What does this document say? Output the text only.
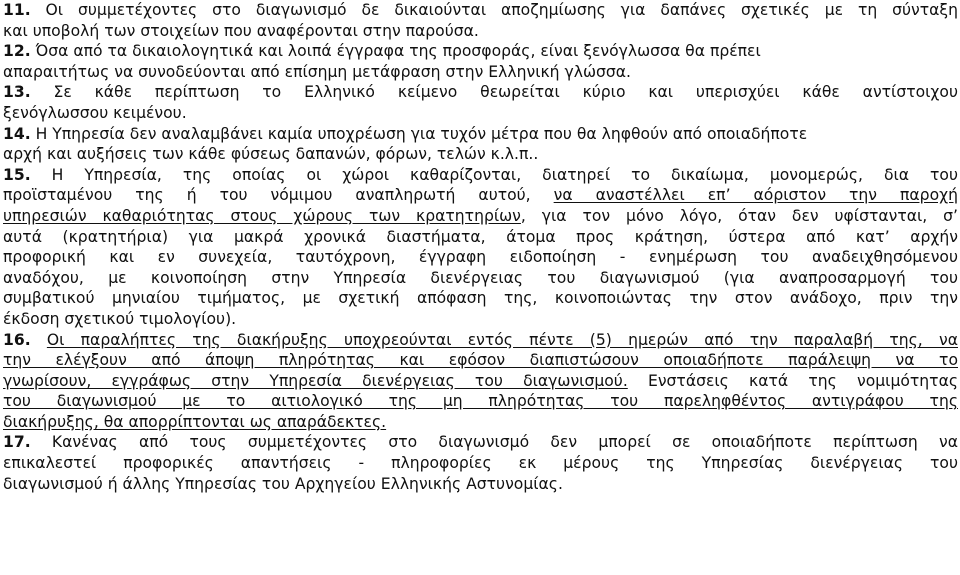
11. Οι συμμετέχοντες στο διαγωνισμό δε δικαιούνται αποζημίωσης για δαπάνες σχετικές με τη σύνταξη
και υποβολή των στοιχείων που αναφέρονται στην παρούσα.
12. Όσα από τα δικαιολογητικά και λοιπά έγγραφα της προσφοράς, είναι ξενόγλωσσα θα πρέπει
απαραιτήτως να συνοδεύονται από επίσημη μετάφραση στην Ελληνική γλώσσα.
13. Σε κάθε περίπτωση το Ελληνικό κείμενο θεωρείται κύριο και υπερισχύει κάθε αντίστοιχου
ξενόγλωσσου κειμένου.
14. Η Υπηρεσία δεν αναλαμβάνει καμία υποχρέωση για τυχόν μέτρα που θα ληφθούν από οποιαδήποτε
αρχή και αυξήσεις των κάθε φύσεως δαπανών, φόρων, τελών κ.λ.π..
15. Η Υπηρεσία, της οποίας οι χώροι καθαρίζονται, διατηρεί το δικαίωμα, μονομερώς, δια του
προϊσταμένου της ή του νόμιμου αναπληρωτή αυτού, να αναστέλλει επ’ αόριστον την παροχή
υπηρεσιών καθαριότητας στους χώρους των κρατητηρίων, για τον μόνο λόγο, όταν δεν υφίστανται, σ’
αυτά (κρατητήρια) για μακρά χρονικά διαστήματα, άτομα προς κράτηση, ύστερα από κατ’ αρχήν
προφορική και εν συνεχεία, ταυτόχρονη, έγγραφη ειδοποίηση - ενημέρωση του αναδειχθησόμενου
αναδόχου, με κοινοποίηση στην Υπηρεσία διενέργειας του διαγωνισμού (για αναπροσαρμογή του
συμβατικού μηνιαίου τιμήματος, με σχετική απόφαση της, κοινοποιώντας την στον ανάδοχο, πριν την
έκδοση σχετικού τιμολογίου).
16. Οι παραλήπτες της διακήρυξης υποχρεούνται εντός πέντε (5) ημερών από την παραλαβή της, να
την ελέγξουν από άποψη πληρότητας και εφόσον διαπιστώσουν οποιαδήποτε παράλειψη να το
γνωρίσουν, εγγράφως στην Υπηρεσία διενέργειας του διαγωνισμού. Ενστάσεις κατά της νομιμότητας
του διαγωνισμού με το αιτιολογικό της μη πληρότητας του παρεληφθέντος αντιγράφου της
διακήρυξης, θα απορρίπτονται ως απαράδεκτες.
17. Κανένας από τους συμμετέχοντες στο διαγωνισμό δεν μπορεί σε οποιαδήποτε περίπτωση να
επικαλεστεί προφορικές απαντήσεις - πληροφορίες εκ μέρους της Υπηρεσίας διενέργειας του
διαγωνισμού ή άλλης Υπηρεσίας του Αρχηγείου Ελληνικής Αστυνομίας.
